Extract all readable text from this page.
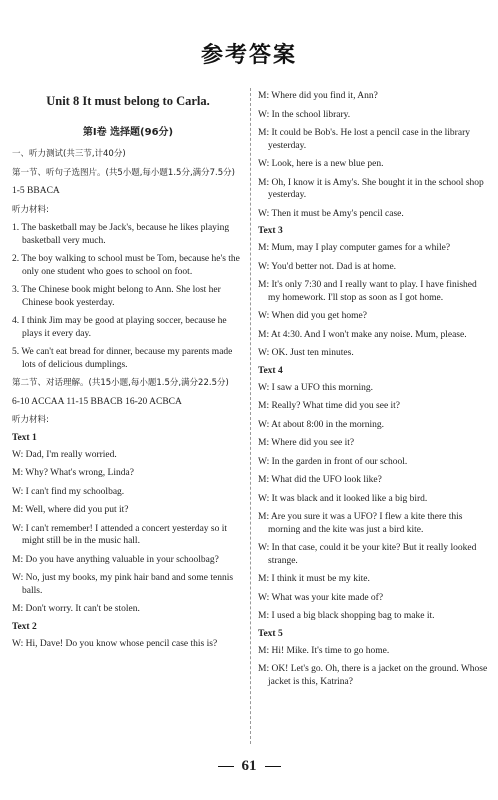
参考答案
Unit 8 It must belong to Carla.
第Ⅰ卷 选择题(96分)
一、听力测试(共三节,计40分)
第一节、听句子选图片。(共5小题,每小题1.5分,满分7.5分)
1-5 BBACA
听力材料:
1. The basketball may be Jack's, because he likes playing basketball very much.
2. The boy walking to school must be Tom, because he's the only one student who goes to school on foot.
3. The Chinese book might belong to Ann. She lost her Chinese book yesterday.
4. I think Jim may be good at playing soccer, because he plays it every day.
5. We can't eat bread for dinner, because my parents made lots of delicious dumplings.
第二节、对话理解。(共15小题,每小题1.5分,满分22.5分)
6-10 ACCAA 11-15 BBACB 16-20 ACBCA
听力材料:
Text 1
W: Dad, I'm really worried.
M: Why? What's wrong, Linda?
W: I can't find my schoolbag.
M: Well, where did you put it?
W: I can't remember! I attended a concert yesterday so it might still be in the music hall.
M: Do you have anything valuable in your schoolbag?
W: No, just my books, my pink hair band and some tennis balls.
M: Don't worry. It can't be stolen.
Text 2
W: Hi, Dave! Do you know whose pencil case this is?
M: Where did you find it, Ann?
W: In the school library.
M: It could be Bob's. He lost a pencil case in the library yesterday.
W: Look, here is a new blue pen.
M: Oh, I know it is Amy's. She bought it in the school shop yesterday.
W: Then it must be Amy's pencil case.
Text 3
M: Mum, may I play computer games for a while?
W: You'd better not. Dad is at home.
M: It's only 7:30 and I really want to play. I have finished my homework. I'll stop as soon as I got home.
W: When did you get home?
M: At 4:30. And I won't make any noise. Mum, please.
W: OK. Just ten minutes.
Text 4
W: I saw a UFO this morning.
M: Really? What time did you see it?
W: At about 8:00 in the morning.
M: Where did you see it?
W: In the garden in front of our school.
M: What did the UFO look like?
W: It was black and it looked like a big bird.
M: Are you sure it was a UFO? I flew a kite there this morning and the kite was just a bird kite.
W: In that case, could it be your kite? But it really looked strange.
M: I think it must be my kite.
W: What was your kite made of?
M: I used a big black shopping bag to make it.
Text 5
M: Hi! Mike. It's time to go home.
M: OK! Let's go. Oh, there is a jacket on the ground. Whose jacket is this, Katrina?
61
